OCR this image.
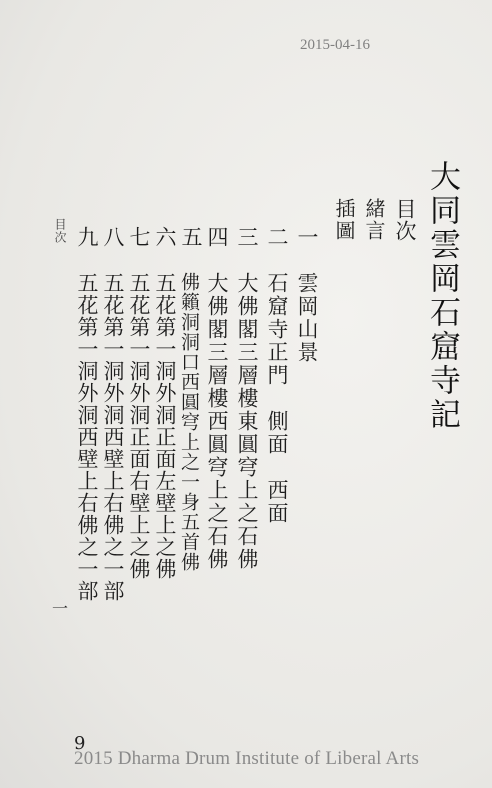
2015-04-16
大同雲岡石窟寺記
目次
緒言
插圖
一
雲岡山景
二
石窟寺正門　側面　西面
三
大佛閣三層樓東圓穹上之石佛
四
大佛閣三層樓西圓穹上之石佛
五
佛籟洞洞口西圓穹上之一身五首佛
六
五花第一洞外洞正面左壁上之佛
七
五花第一洞外洞正面右壁上之佛
八
五花第一洞外洞西壁上右佛之一部
九
五花第一洞外洞西壁上右佛之一部
目次
一
9
2015 Dharma Drum Institute of Liberal Arts
